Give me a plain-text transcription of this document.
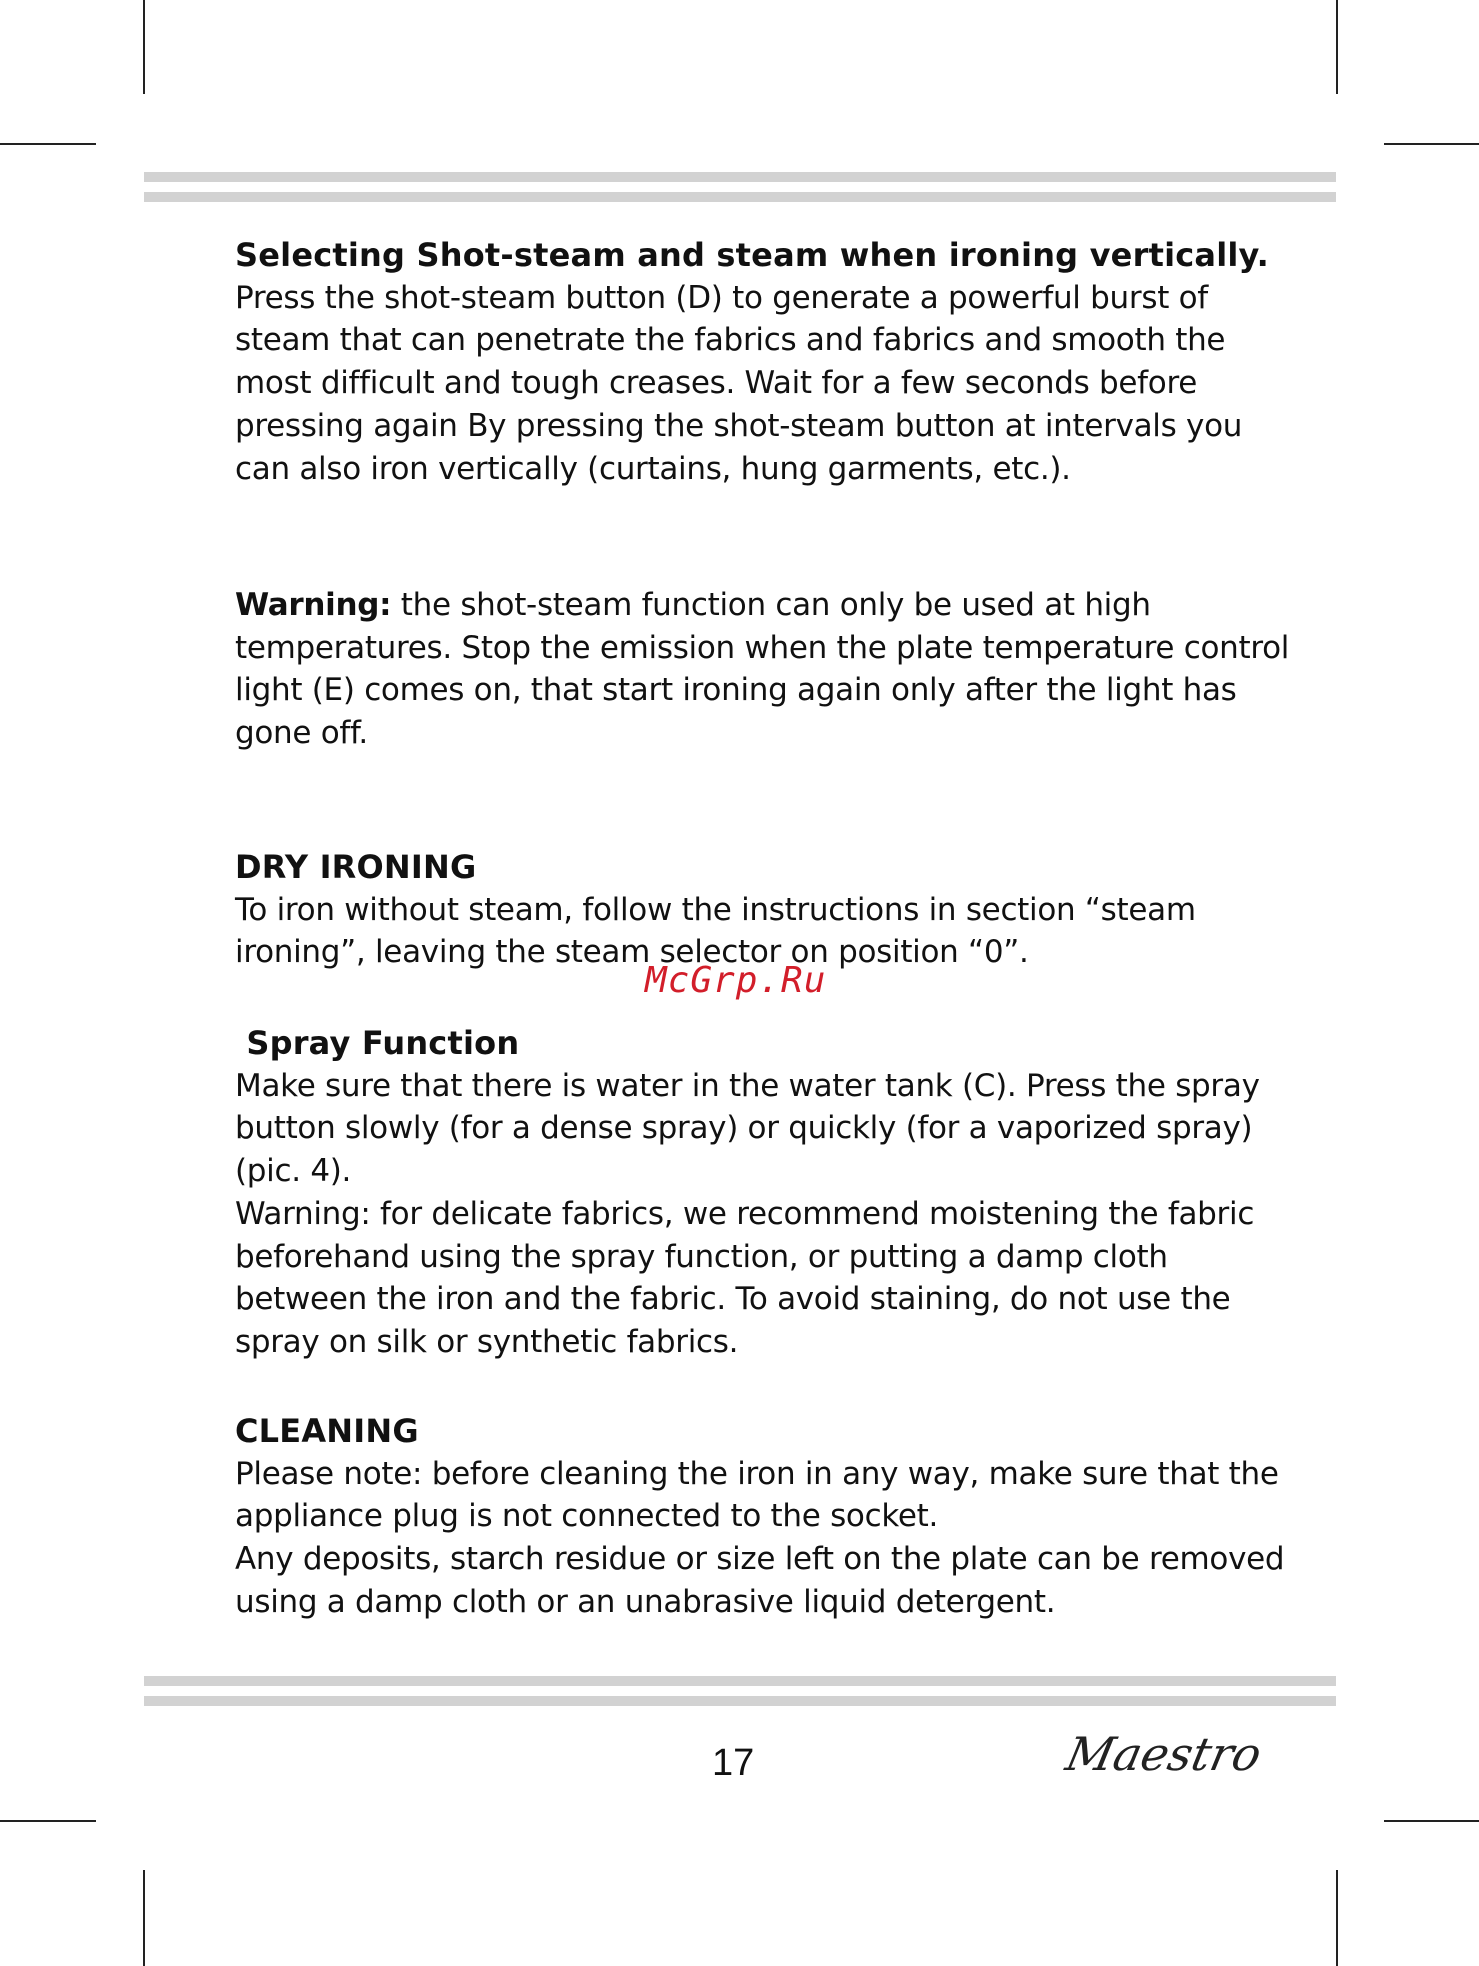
Selecting Shot-steam and steam when ironing vertically.

Press the shot-steam button (D) to generate a powerful burst of

steam that can penetrate the fabrics and fabrics and smooth the

most difficult and tough creases. Wait for a few seconds before

pressing again By pressing the shot-steam button at intervals you

can also iron vertically (curtains, hung garments, etc.).

Warning: the shot-steam function can only be used at high

temperatures. Stop the emission when the plate temperature control

light (E) comes on, that start ironing again only after the light has

gone off.

DRY IRONING

To iron without steam, follow the instructions in section “steam

ironing”, leaving the steam selector on position “0”.

McGrp.Ru

Spray Function

Make sure that there is water in the water tank (C). Press the spray

button slowly (for a dense spray) or quickly (for a vaporized spray)

(pic. 4).

Warning: for delicate fabrics, we recommend moistening the fabric

beforehand using the spray function, or putting a damp cloth

between the iron and the fabric. To avoid staining, do not use the

spray on silk or synthetic fabrics.

CLEANING

Please note: before cleaning the iron in any way, make sure that the

appliance plug is not connected to the socket.

Any deposits, starch residue or size left on the plate can be removed

using a damp cloth or an unabrasive liquid detergent.

17	Maestro
